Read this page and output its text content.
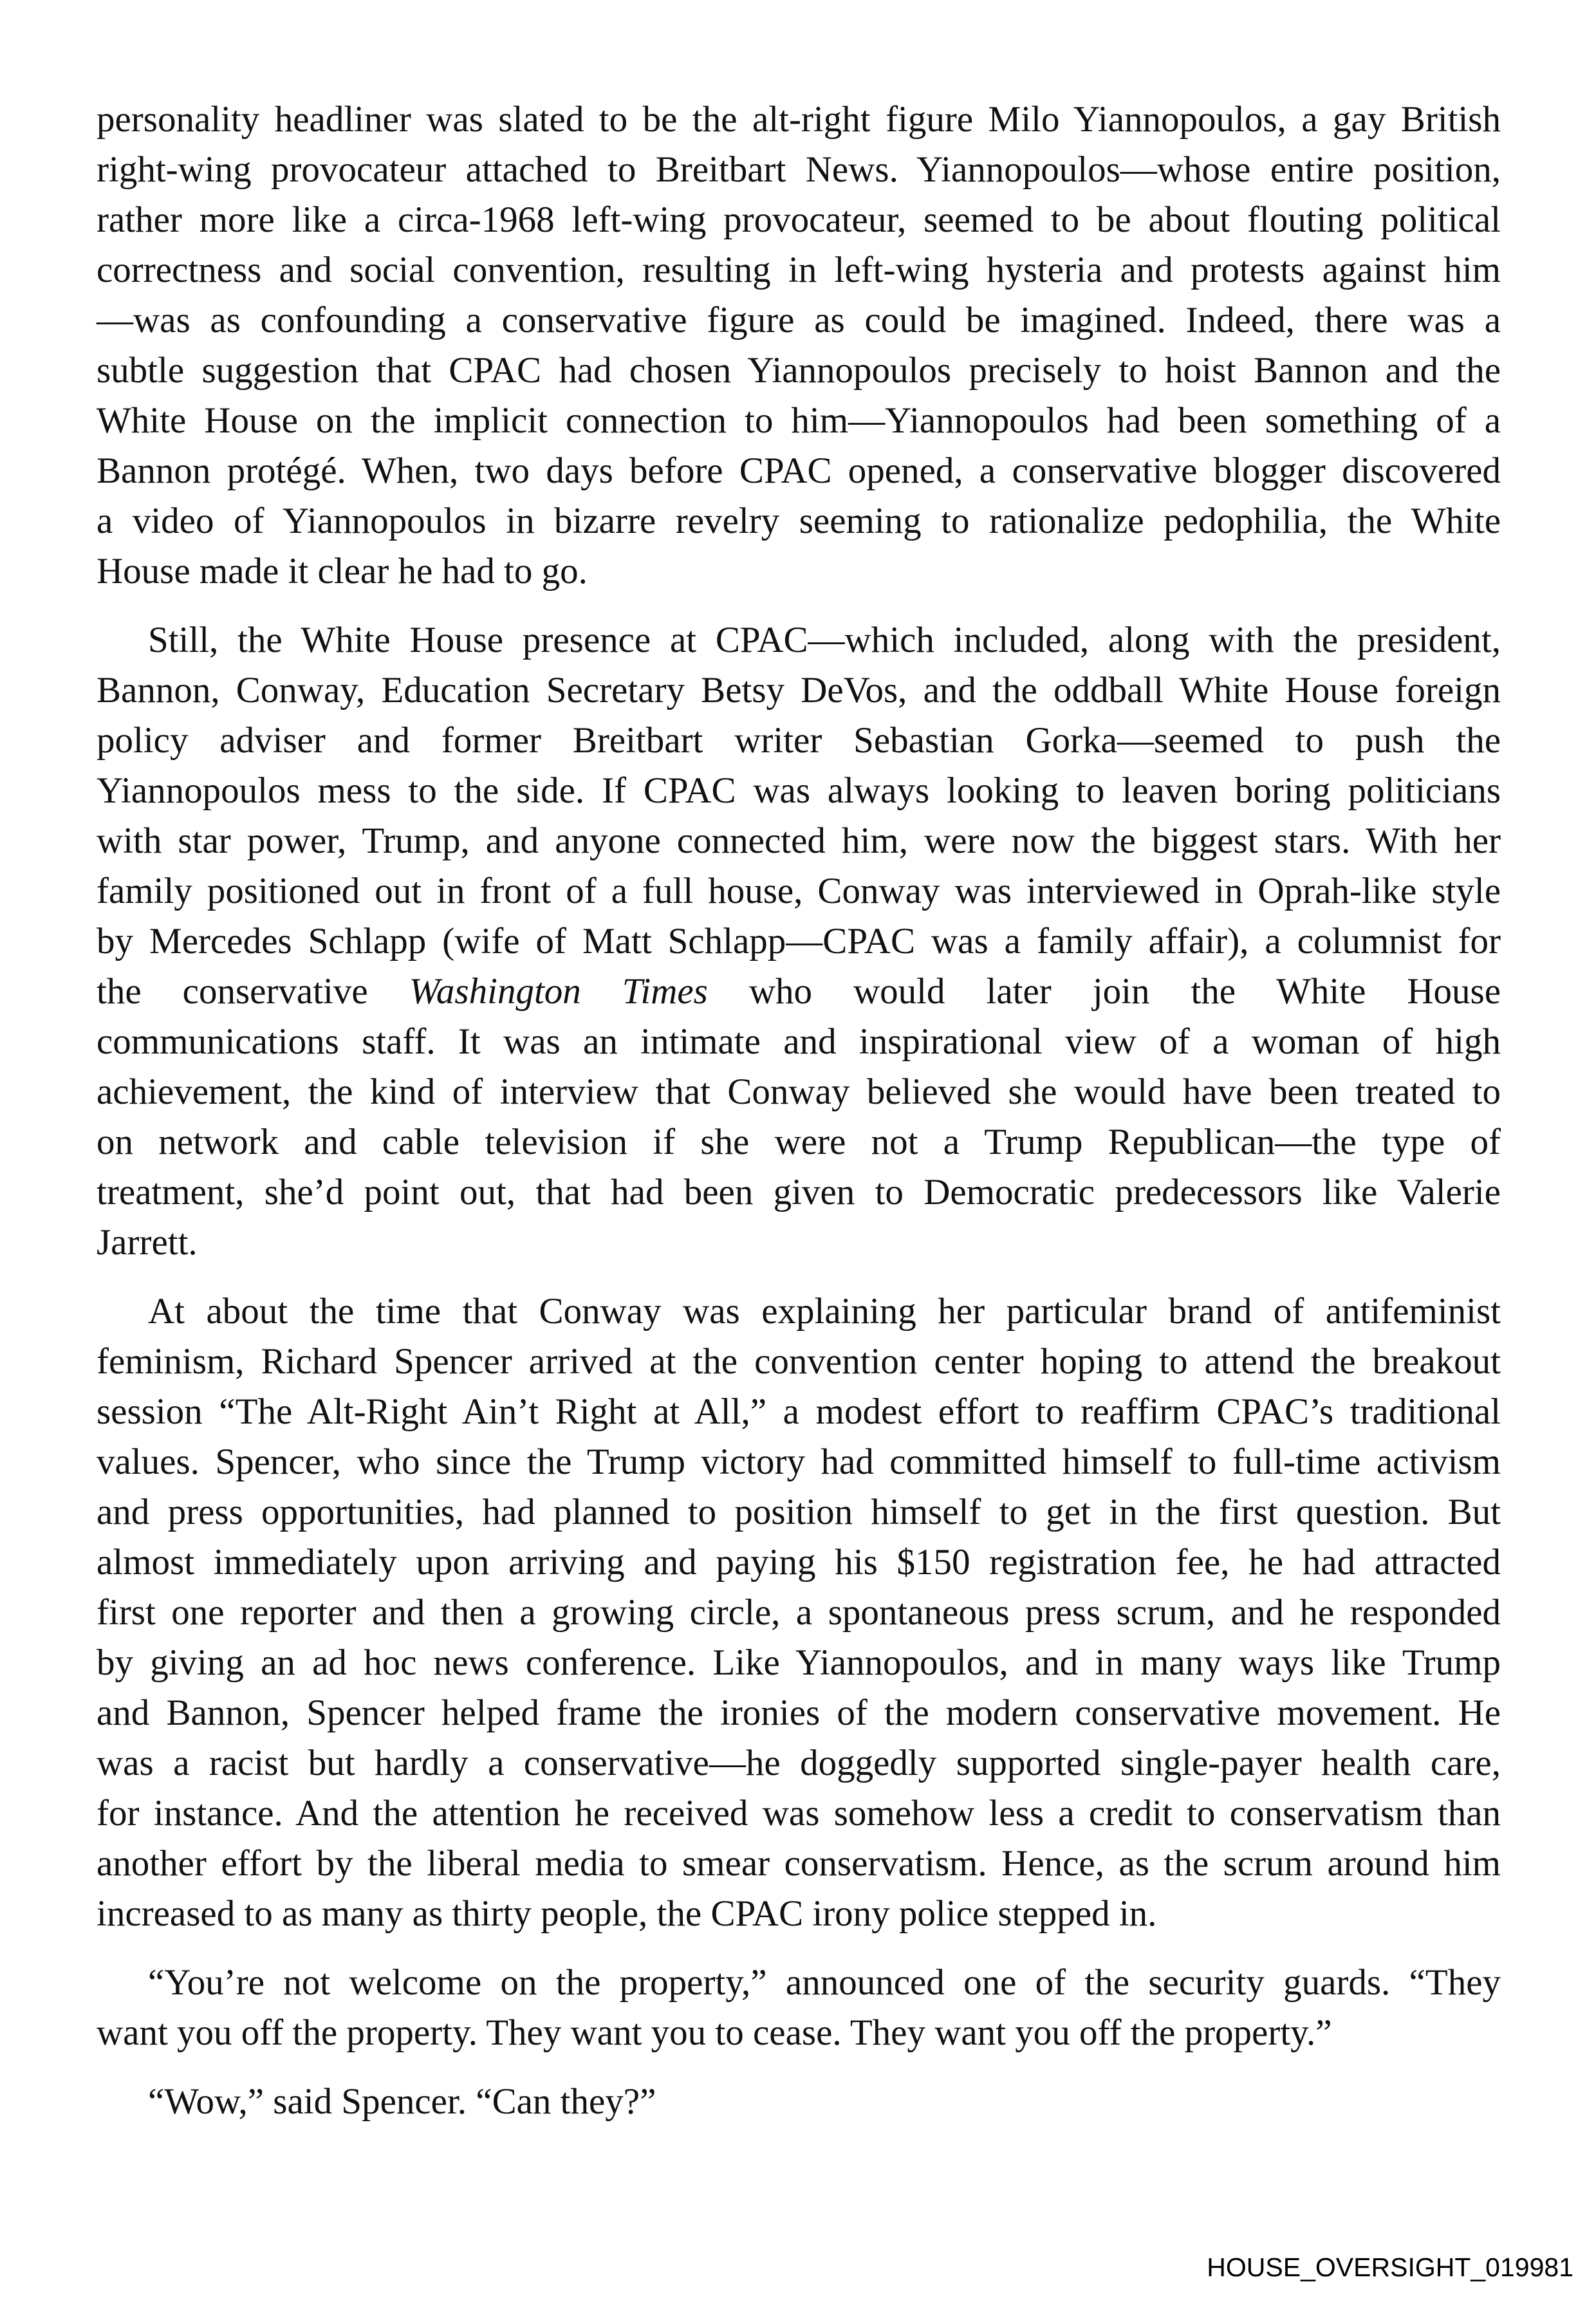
personality headliner was slated to be the alt-right figure Milo Yiannopoulos, a gay British
right-wing provocateur attached to Breitbart News. Yiannopoulos—whose entire position,
rather more like a circa-1968 left-wing provocateur, seemed to be about flouting political
correctness and social convention, resulting in left-wing hysteria and protests against him
—was as confounding a conservative figure as could be imagined. Indeed, there was a
subtle suggestion that CPAC had chosen Yiannopoulos precisely to hoist Bannon and the
White House on the implicit connection to him—Yiannopoulos had been something of a
Bannon protégé. When, two days before CPAC opened, a conservative blogger discovered
a video of Yiannopoulos in bizarre revelry seeming to rationalize pedophilia, the White
House made it clear he had to go.
Still, the White House presence at CPAC—which included, along with the president,
Bannon, Conway, Education Secretary Betsy DeVos, and the oddball White House foreign
policy adviser and former Breitbart writer Sebastian Gorka—seemed to push the
Yiannopoulos mess to the side. If CPAC was always looking to leaven boring politicians
with star power, Trump, and anyone connected him, were now the biggest stars. With her
family positioned out in front of a full house, Conway was interviewed in Oprah-like style
by Mercedes Schlapp (wife of Matt Schlapp—CPAC was a family affair), a columnist for
the conservative Washington Times who would later join the White House
communications staff. It was an intimate and inspirational view of a woman of high
achievement, the kind of interview that Conway believed she would have been treated to
on network and cable television if she were not a Trump Republican—the type of
treatment, she’d point out, that had been given to Democratic predecessors like Valerie
Jarrett.
At about the time that Conway was explaining her particular brand of antifeminist
feminism, Richard Spencer arrived at the convention center hoping to attend the breakout
session “The Alt-Right Ain’t Right at All,” a modest effort to reaffirm CPAC’s traditional
values. Spencer, who since the Trump victory had committed himself to full-time activism
and press opportunities, had planned to position himself to get in the first question. But
almost immediately upon arriving and paying his $150 registration fee, he had attracted
first one reporter and then a growing circle, a spontaneous press scrum, and he responded
by giving an ad hoc news conference. Like Yiannopoulos, and in many ways like Trump
and Bannon, Spencer helped frame the ironies of the modern conservative movement. He
was a racist but hardly a conservative—he doggedly supported single-payer health care,
for instance. And the attention he received was somehow less a credit to conservatism than
another effort by the liberal media to smear conservatism. Hence, as the scrum around him
increased to as many as thirty people, the CPAC irony police stepped in.
“You’re not welcome on the property,” announced one of the security guards. “They
want you off the property. They want you to cease. They want you off the property.”
“Wow,” said Spencer. “Can they?”
HOUSE_OVERSIGHT_019981
